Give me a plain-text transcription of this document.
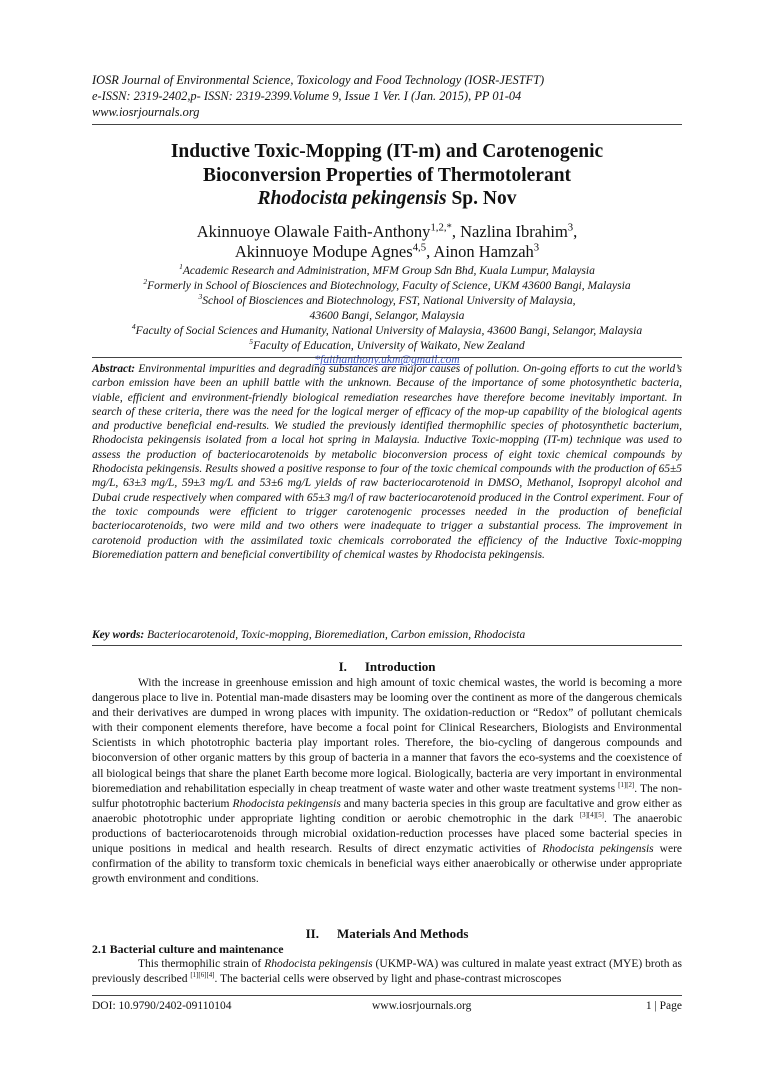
IOSR Journal of Environmental Science, Toxicology and Food Technology (IOSR-JESTFT)
e-ISSN: 2319-2402,p- ISSN: 2319-2399.Volume 9, Issue 1 Ver. I (Jan. 2015), PP 01-04
www.iosrjournals.org
Inductive Toxic-Mopping (IT-m) and Carotenogenic
Bioconversion Properties of Thermotolerant
Rhodocista pekingensis Sp. Nov
Akinnuoye Olawale Faith-Anthony$^{1,2,*}$, Nazlina Ibrahim$^3$,
Akinnuoye Modupe Agnes$^{4,5}$, Ainon Hamzah$^3$
$^1$Academic Research and Administration, MFM Group Sdn Bhd, Kuala Lumpur, Malaysia
$^2$Formerly in School of Biosciences and Biotechnology, Faculty of Science, UKM 43600 Bangi, Malaysia
$^3$School of Biosciences and Biotechnology, FST, National University of Malaysia,
43600 Bangi, Selangor, Malaysia
$^4$Faculty of Social Sciences and Humanity, National University of Malaysia, 43600 Bangi, Selangor, Malaysia
$^5$Faculty of Education, University of Waikato, New Zealand
*faithanthony.ukm@gmail.com
Abstract: Environmental impurities and degrading substances are major causes of pollution. On-going efforts to cut the world’s carbon emission have been an uphill battle with the unknown. Because of the importance of some photosynthetic bacteria, viable, efficient and environment-friendly biological remediation researches have therefore become inevitably important. In search of these criteria, there was the need for the logical merger of efficacy of the mop-up capability of the biological agents and productive beneficial end-results. We studied the previously identified thermophilic species of photosynthetic bacterium, Rhodocista pekingensis isolated from a local hot spring in Malaysia. Inductive Toxic-mopping (IT-m) technique was used to assess the production of bacteriocarotenoids by metabolic bioconversion process of eight toxic chemical compounds by Rhodocista pekingensis. Results showed a positive response to four of the toxic chemical compounds with the production of 65±5 mg/L, 63±3 mg/L, 59±3 mg/L and 53±6 mg/L yields of raw bacteriocarotenoid in DMSO, Methanol, Isopropyl alcohol and Dubai crude respectively when compared with 65±3 mg/l of raw bacteriocarotenoid produced in the Control experiment. Four of the toxic compounds were efficient to trigger carotenogenic processes needed in the production of beneficial bacteriocarotenoids, two were mild and two others were inadequate to trigger a substantial process. The improvement in carotenoid production with the assimilated toxic chemicals corroborated the efficiency of the Inductive Toxic-mopping Bioremediation pattern and beneficial convertibility of chemical wastes by Rhodocista pekingensis.
Key words: Bacteriocarotenoid, Toxic-mopping, Bioremediation, Carbon emission, Rhodocista
I. Introduction
With the increase in greenhouse emission and high amount of toxic chemical wastes, the world is becoming a more dangerous place to live in. Potential man-made disasters may be looming over the continent as more of the dangerous chemicals and their derivatives are dumped in wrong places with impunity. The oxidation-reduction or “Redox” of pollutant chemicals with their component elements therefore, have become a focal point for Clinical Researchers, Biologists and Environmental Scientists in which phototrophic bacteria play important roles. Therefore, the bio-cycling of dangerous compounds and bioconversion of other organic matters by this group of bacteria in a manner that favors the eco-systems and the coexistence of all biological beings that share the planet Earth become more logical. Biologically, bacteria are very important in environmental bioremediation and rehabilitation especially in cheap treatment of waste water and other waste treatment systems [1][2]. The non-sulfur phototrophic bacterium Rhodocista pekingensis and many bacteria species in this group are facultative and grow either as anaerobic phototrophic under appropriate lighting condition or aerobic chemotrophic in the dark [3][4][5]. The anaerobic productions of bacteriocarotenoids through microbial oxidation-reduction processes have placed some bacterial species in unique positions in medical and health research. Results of direct enzymatic activities of Rhodocista pekingensis were confirmation of the ability to transform toxic chemicals in beneficial ways either anaerobically or otherwise under appropriate growth environment and conditions.
II. Materials And Methods
2.1 Bacterial culture and maintenance
This thermophilic strain of Rhodocista pekingensis (UKMP-WA) was cultured in malate yeast extract (MYE) broth as previously described [1][6][4]. The bacterial cells were observed by light and phase-contrast microscopes
DOI: 10.9790/2402-09110104	www.iosrjournals.org	1 | Page
